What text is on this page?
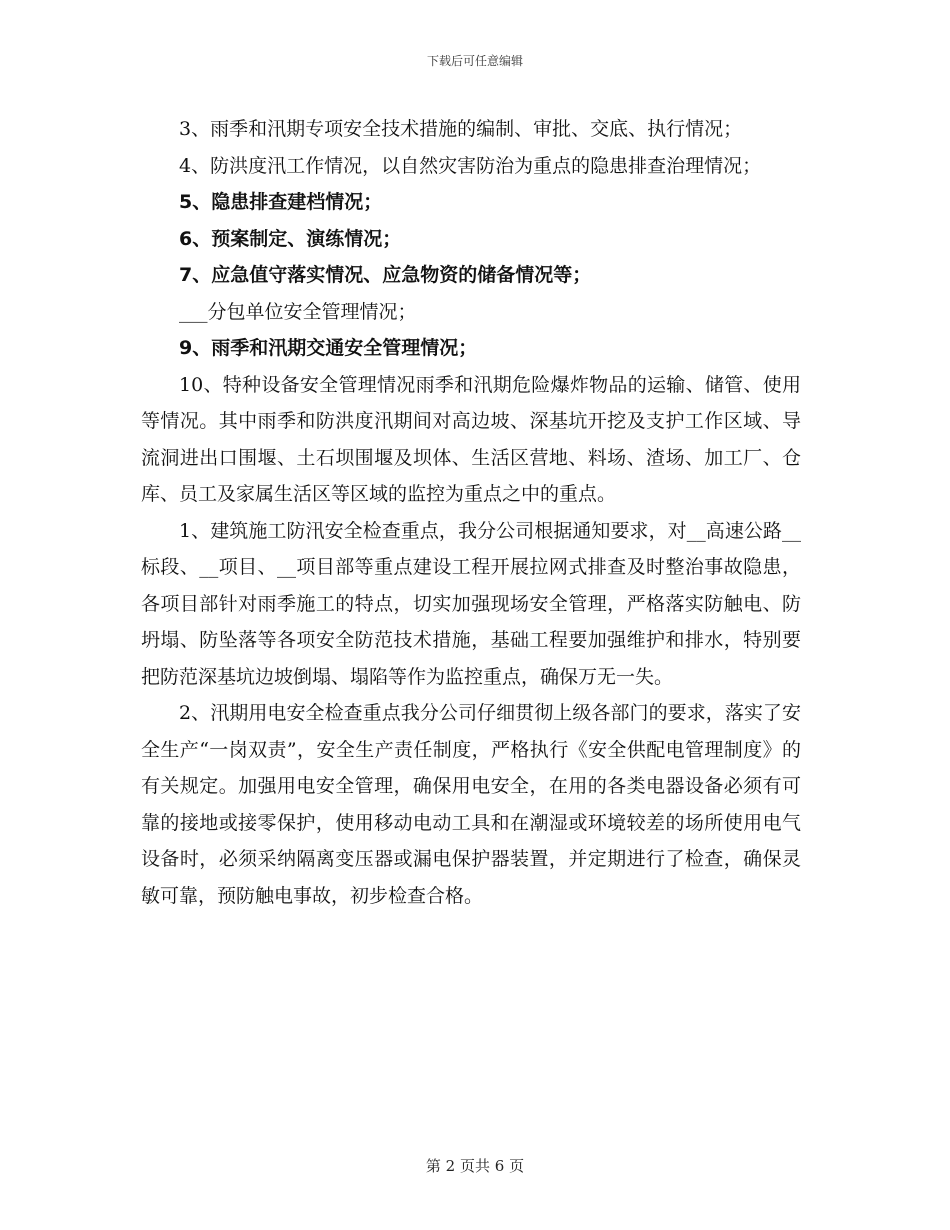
下载后可任意编辑

3、雨季和汛期专项安全技术措施的编制、审批、交底、执行情况；

4、防洪度汛工作情况，以自然灾害防治为重点的隐患排查治理情况；

5、隐患排查建档情况；

6、预案制定、演练情况；

7、应急值守落实情况、应急物资的储备情况等；

___分包单位安全管理情况；

9、雨季和汛期交通安全管理情况；

10、特种设备安全管理情况雨季和汛期危险爆炸物品的运输、储管、使用等情况。其中雨季和防洪度汛期间对高边坡、深基坑开挖及支护工作区域、导流洞进出口围堰、土石坝围堰及坝体、生活区营地、料场、渣场、加工厂、仓库、员工及家属生活区等区域的监控为重点之中的重点。

1、建筑施工防汛安全检查重点，我分公司根据通知要求，对__高速公路__标段、__项目、__项目部等重点建设工程开展拉网式排查及时整治事故隐患，各项目部针对雨季施工的特点，切实加强现场安全管理，严格落实防触电、防坍塌、防坠落等各项安全防范技术措施，基础工程要加强维护和排水，特别要把防范深基坑边坡倒塌、塌陷等作为监控重点，确保万无一失。

2、汛期用电安全检查重点我分公司仔细贯彻上级各部门的要求，落实了安全生产“一岗双责”，安全生产责任制度，严格执行《安全供配电管理制度》的有关规定。加强用电安全管理，确保用电安全，在用的各类电器设备必须有可靠的接地或接零保护，使用移动电动工具和在潮湿或环境较差的场所使用电气设备时，必须采纳隔离变压器或漏电保护器装置，并定期进行了检查，确保灵敏可靠，预防触电事故，初步检查合格。

第 2 页共 6 页
